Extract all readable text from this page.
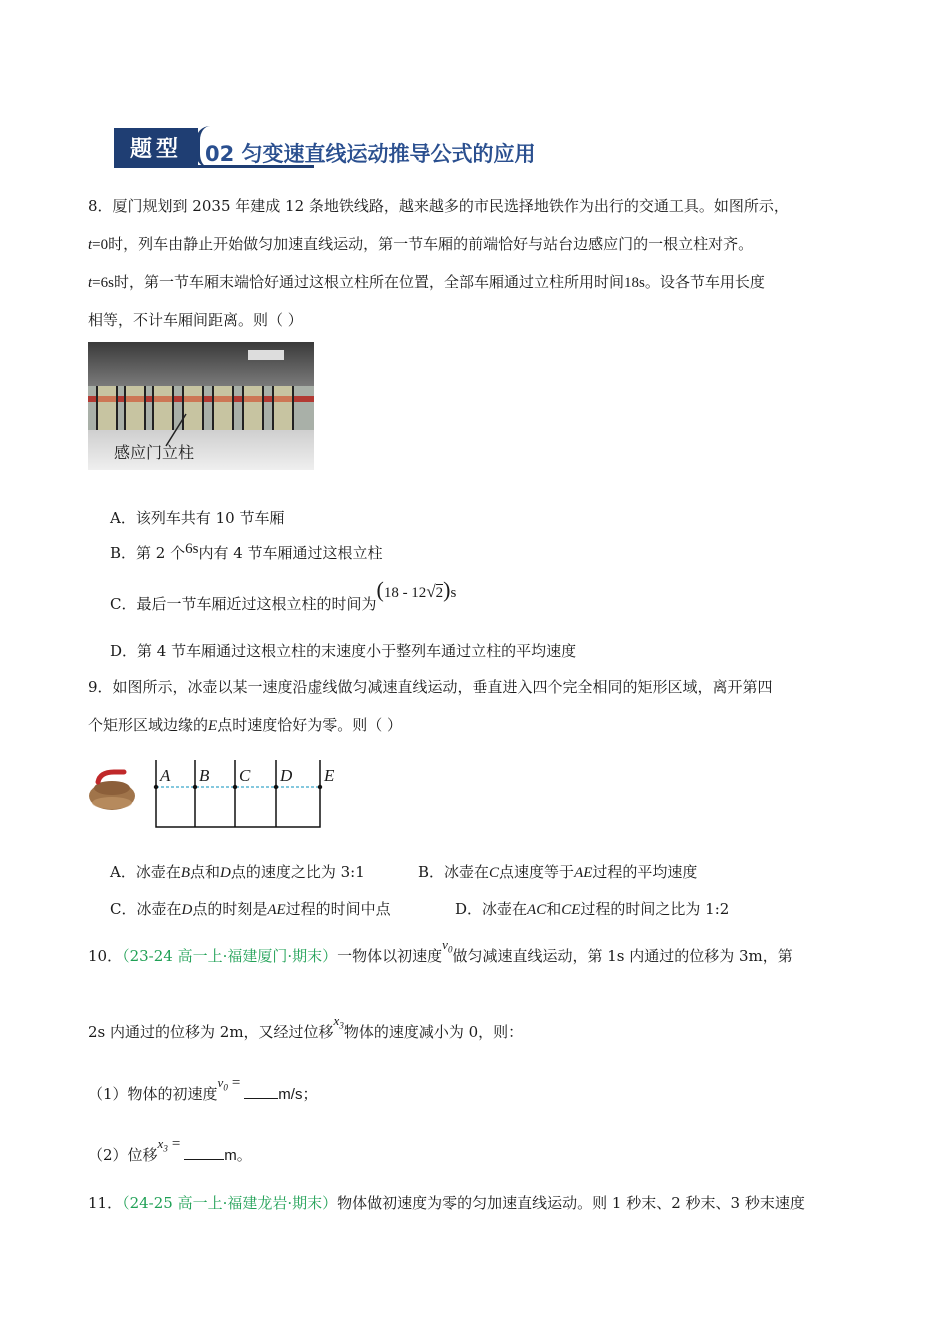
题型	02 匀变速直线运动推导公式的应用
8．厦门规划到 2035 年建成 12 条地铁线路，越来越多的市民选择地铁作为出行的交通工具。如图所示，
t=0时，列车由静止开始做匀加速直线运动，第一节车厢的前端恰好与站台边感应门的一根立柱对齐。
t=6s时，第一节车厢末端恰好通过这根立柱所在位置，全部车厢通过立柱所用时间18s。设各节车用长度
相等，不计车厢间距离。则（ ）
感应门立柱
A．该列车共有 10 节车厢
B．第 2 个6s内有 4 节车厢通过这根立柱
C．最后一节车厢近过这根立柱的时间为(18 - 12√2)s
D．第 4 节车厢通过这根立柱的末速度小于整列车通过立柱的平均速度
9．如图所示，冰壶以某一速度沿虚线做匀减速直线运动，垂直进入四个完全相同的矩形区域，离开第四
个矩形区域边缘的E点时速度恰好为零。则（ ）
A B C D E
A．冰壶在B点和D点的速度之比为 3:1	B．冰壶在C点速度等于AE过程的平均速度
C．冰壶在D点的时刻是AE过程的时间中点	D．冰壶在AC和CE过程的时间之比为 1:2
10．（23-24 高一上·福建厦门·期末）一物体以初速度$v_0$做匀减速直线运动，第 1s 内通过的位移为 3m，第
2s 内通过的位移为 2m，又经过位移$x_3$物体的速度减小为 0，则：
（1）物体的初速度$v_0 =m/s$；
（2）位移$x_3 =m$。
11．（24-25 高一上·福建龙岩·期末）物体做初速度为零的匀加速直线运动。则 1 秒末、2 秒末、3 秒末速度
